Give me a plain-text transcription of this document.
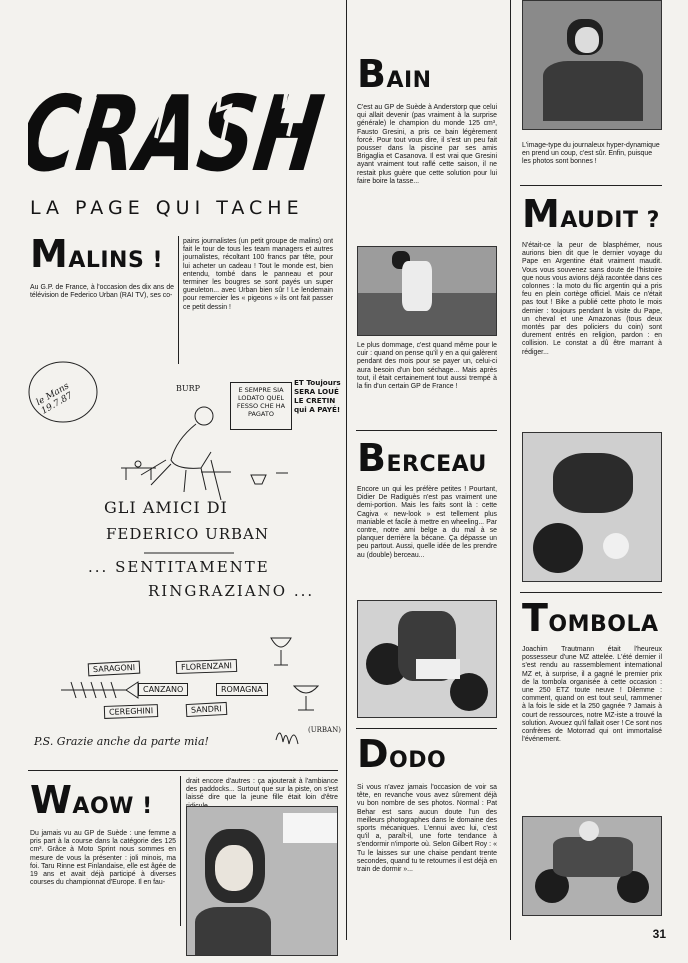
CRASH
LA PAGE QUI TACHE
MALINS !
Au G.P. de France, à l'occasion des dix ans de télévision de Federico Urban (RAI TV), ses co-
pains journalistes (un petit groupe de malins) ont fait le tour de tous les team managers et autres journalistes, récoltant 100 francs par tête, pour lui acheter un cadeau ! Tout le monde est, bien entendu, tombé dans le panneau et pour terminer les bougres se sont payés un super gueuleton... avec Urban bien sûr ! Le lendemain pour remercier les « pigeons » ils ont fait passer ce petit dessin !
le Mans 19.7.87
BURP	E SEMPRE SIA LODATO QUEL FESSO CHE HA PAGATO
ET Toujours SERA LOUÉ LE CRETIN qui A PAYÉ!
GLI AMICI DI
FEDERICO URBAN
... SENTITAMENTE
RINGRAZIANO ...
SARAGONI	FLORENZANI
CANZANO	ROMAGNA
CEREGHINI	SANDRI
P.S. Grazie anche da parte mia!
(URBAN)
WAOW !
Du jamais vu au GP de Suède : une femme a pris part à la course dans la catégorie des 125 cm³. Grâce à Moto Sprint nous sommes en mesure de vous la présenter : joli minois, ma foi. Taru Rinne est Finlandaise, elle est âgée de 19 ans et avait déjà participé à diverses courses du championnat d'Europe. Il en fau-
drait encore d'autres : ça ajouterait à l'ambiance des paddocks... Surtout que sur la piste, on s'est laissé dire que la jeune fille était loin d'être
BAIN
C'est au GP de Suède à Anderstorp que celui qui allait devenir (pas vraiment à la surprise générale) le champion du monde 125 cm³, Fausto Gresini, a pris ce bain légèrement forcé. Pour tout vous dire, il s'est un peu fait pousser dans la piscine par ses amis Brigaglia et Casanova. Il est vrai que Gresini ayant vraiment tout raflé cette saison, il ne restait plus guère que cette solution pour lui faire boire la tasse...
Le plus dommage, c'est quand même pour le cuir : quand on pense qu'il y en a qui galèrent pendant des mois pour se payer un, celui-ci aura besoin d'un bon séchage... Mais après tout, il était certainement tout aussi trempé à la fin d'un certain GP de France !
BERCEAU
Encore un qui les préfère petites ! Pourtant, Didier De Radiguès n'est pas vraiment une demi-portion. Mais les faits sont là : cette Cagiva « new-look » est tellement plus maniable et facile à mettre en wheeling... Par contre, notre ami belge a du mal à se planquer derrière la bécane. Ça dépasse un peu partout. Aussi, quelle idée de les prendre au (double) berceau...
DODO
Si vous n'avez jamais l'occasion de voir sa tête, en revanche vous avez sûrement déjà vu bon nombre de ses photos. Normal : Pat Behar est sans aucun doute l'un des meilleurs photographes dans le domaine des sports mécaniques. L'ennui avec lui, c'est qu'il a, paraît-il, une forte tendance à s'endormir n'importe où. Selon Gilbert Roy : « Tu le laisses sur une chaise pendant trente secondes, quand tu te retournes il est déjà en train de dormir »...
L'image-type du journaleux hyper-dynamique en prend un coup, c'est sûr. Enfin, puisque les photos sont bonnes !
MAUDIT ?
N'était-ce la peur de blasphémer, nous aurions bien dit que le dernier voyage du Pape en Argentine était vraiment maudit. Vous vous souvenez sans doute de l'histoire que nous vous avions déjà racontée dans ces colonnes : la moto du flic argentin qui a pris feu en plein cortège officiel. Mais ce n'était pas tout ! Bike a publié cette photo le mois dernier : toujours pendant la visite du Pape, un cheval et une Amazonas (tous deux montés par des policiers du coin) sont durement entrés en religion, pardon : en collision. Le constat a dû être marrant à rédiger...
TOMBOLA
Joachim Trautmann était l'heureux possesseur d'une MZ attelée. L'été dernier il s'est rendu au rassemblement international MZ et, à surprise, il a gagné le premier prix de la tombola organisée à cette occasion : une 250 ETZ toute neuve ! Dilemme : comment, quand on est tout seul, rammener à la fois le side et la 250 gagnée ? Jamais à court de ressources, notre MZ-iste a trouvé la solution. Avouez qu'il fallait oser ! Ce sont nos confrères de Motorrad qui ont immortalisé l'événement.
31
